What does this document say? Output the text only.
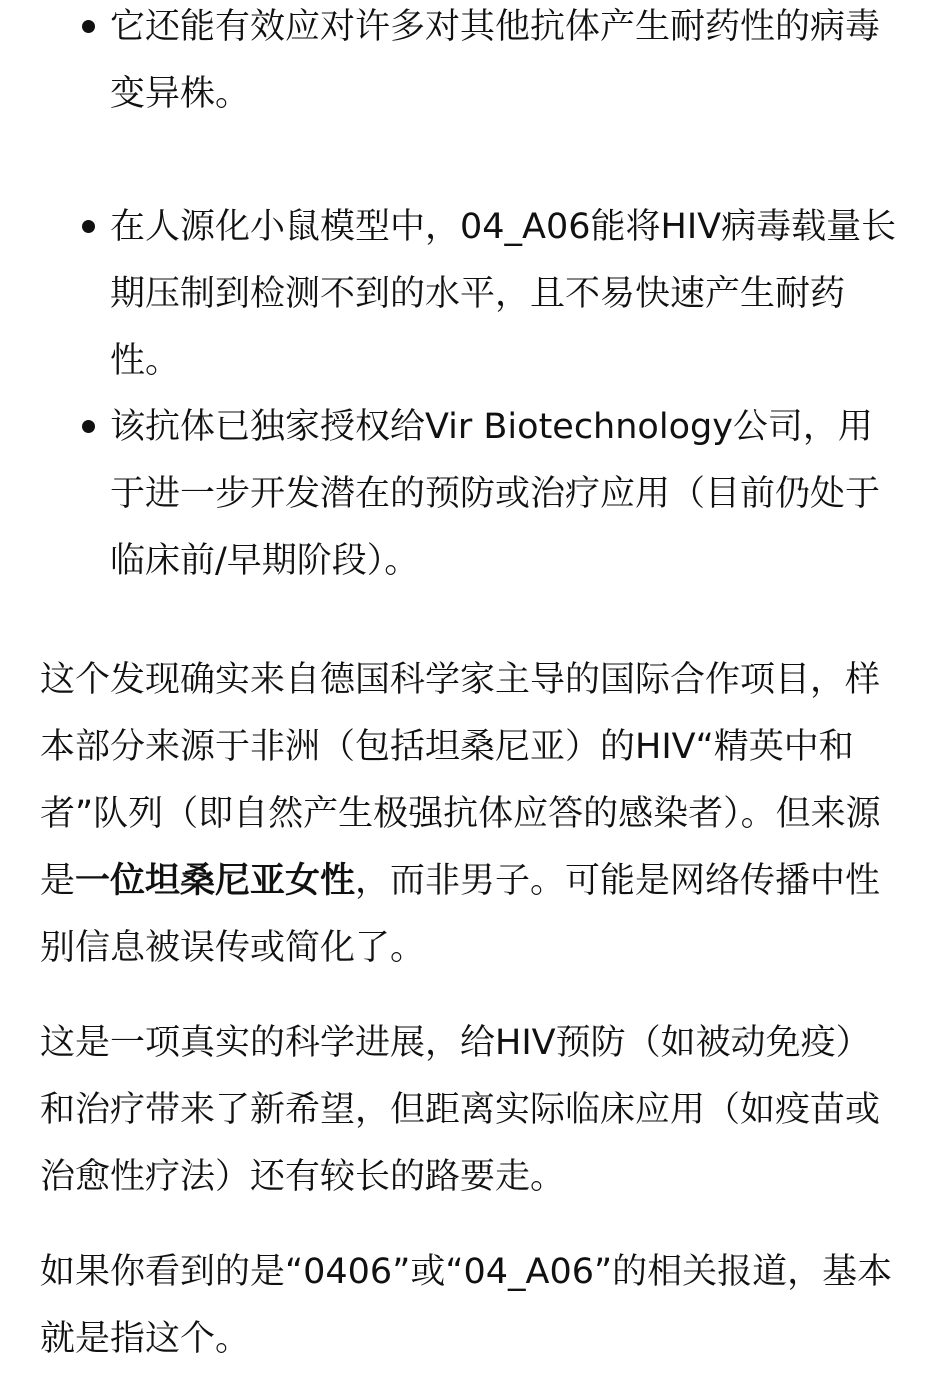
它还能有效应对许多对其他抗体产生耐药性的病毒变异株。
在人源化小鼠模型中，04_A06能将HIV病毒载量长期压制到检测不到的水平，且不易快速产生耐药性。
该抗体已独家授权给Vir Biotechnology公司，用于进一步开发潜在的预防或治疗应用（目前仍处于临床前/早期阶段）。

这个发现确实来自德国科学家主导的国际合作项目，样本部分来源于非洲（包括坦桑尼亚）的HIV“精英中和者”队列（即自然产生极强抗体应答的感染者）。但来源是一位坦桑尼亚女性，而非男子。可能是网络传播中性别信息被误传或简化了。

这是一项真实的科学进展，给HIV预防（如被动免疫）和治疗带来了新希望，但距离实际临床应用（如疫苗或治愈性疗法）还有较长的路要走。

如果你看到的是“0406”或“04_A06”的相关报道，基本就是指这个。
